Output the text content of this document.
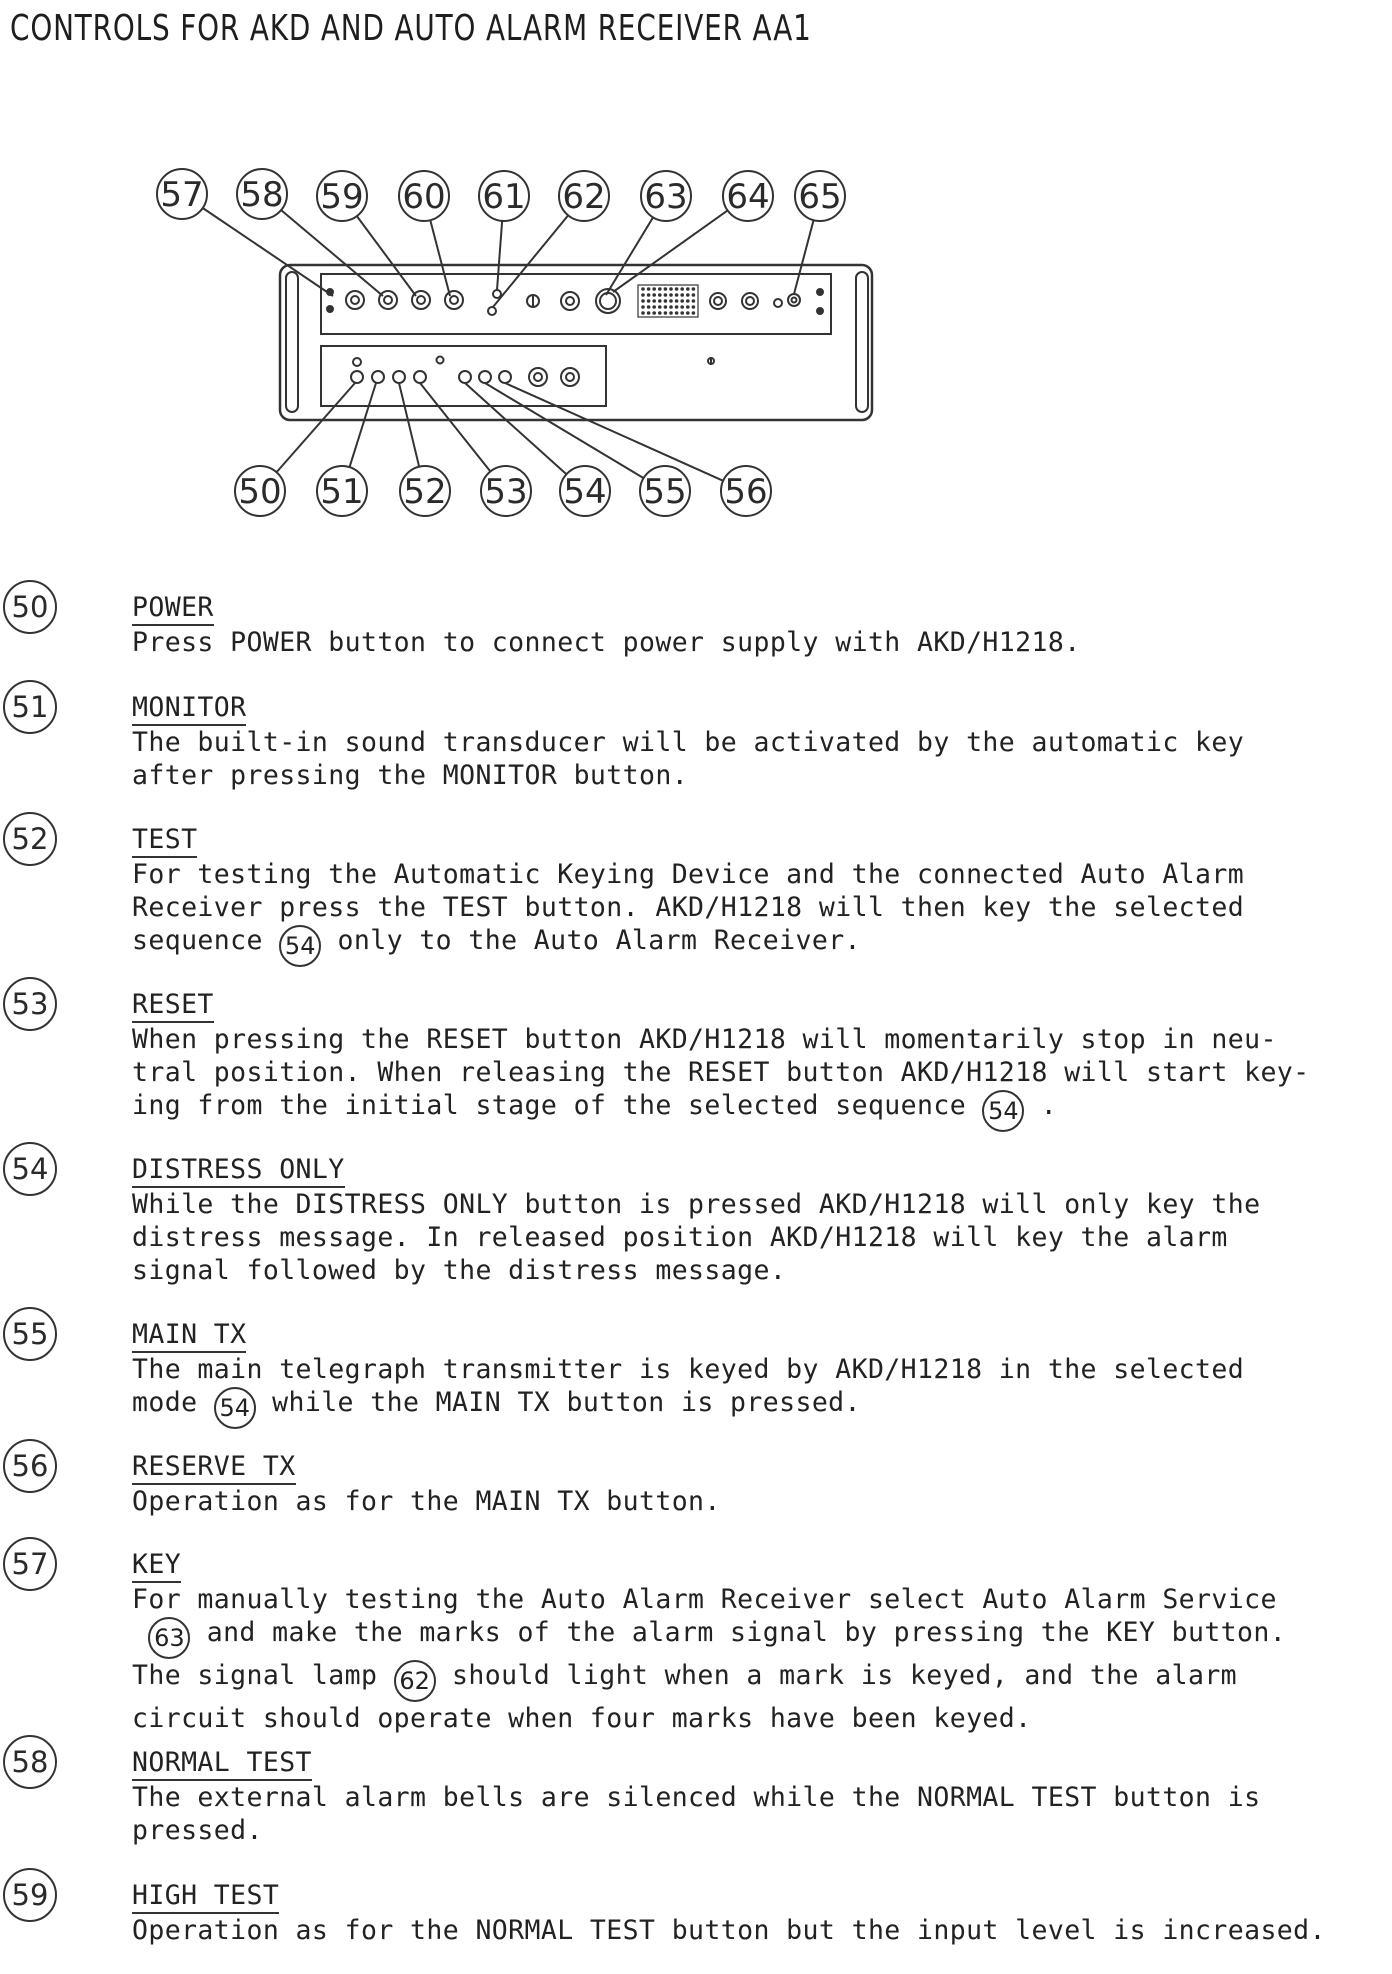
CONTROLS FOR AKD AND AUTO ALARM RECEIVER AA1
57 58 59 60 61 62 63 64 65
50 51 52 53 54 55 56
50	POWER
Press POWER button to connect power supply with AKD/H1218.
51	MONITOR
The built-in sound transducer will be activated by the automatic key
after pressing the MONITOR button.
52	TEST
For testing the Automatic Keying Device and the connected Auto Alarm
Receiver press the TEST button. AKD/H1218 will then key the selected
sequence 54 only to the Auto Alarm Receiver.
53	RESET
When pressing the RESET button AKD/H1218 will momentarily stop in neu-
tral position. When releasing the RESET button AKD/H1218 will start key-
ing from the initial stage of the selected sequence 54 .
54	DISTRESS ONLY
While the DISTRESS ONLY button is pressed AKD/H1218 will only key the
distress message. In released position AKD/H1218 will key the alarm
signal followed by the distress message.
55	MAIN TX
The main telegraph transmitter is keyed by AKD/H1218 in the selected
mode 54 while the MAIN TX button is pressed.
56	RESERVE TX
Operation as for the MAIN TX button.
57	KEY
For manually testing the Auto Alarm Receiver select Auto Alarm Service
63 and make the marks of the alarm signal by pressing the KEY button.
The signal lamp 62 should light when a mark is keyed, and the alarm
circuit should operate when four marks have been keyed.
58	NORMAL TEST
The external alarm bells are silenced while the NORMAL TEST button is
pressed.
59	HIGH TEST
Operation as for the NORMAL TEST button but the input level is increased.
